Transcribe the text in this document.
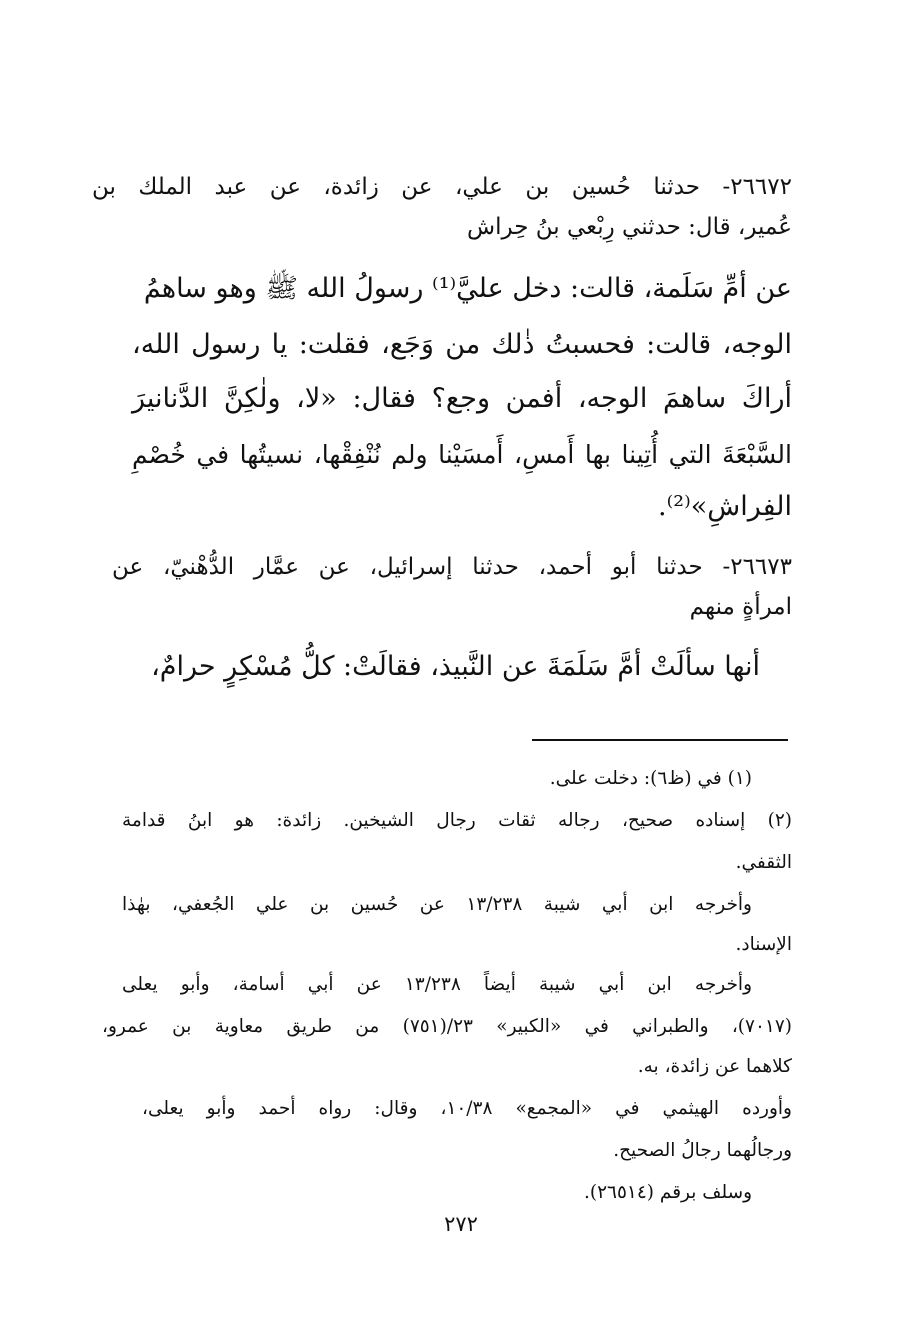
٢٦٦٧٢- حدثنا حُسين بن علي، عن زائدة، عن عبد الملك بن
عُمير، قال: حدثني رِبْعي بنُ حِراش
عن أمِّ سَلَمة، قالت: دخل عليَّ⁽¹⁾ رسولُ الله ﷺ وهو ساهمُ
الوجه، قالت: فحسبتُ ذٰلك من وَجَع، فقلت: يا رسول الله،
أراكَ ساهمَ الوجه، أفمن وجع؟ فقال: «لا، ولٰكِنَّ الدَّنانيرَ
السَّبْعَةَ التي أُتِينا بها أَمسِ، أَمسَيْنا ولم نُنْفِقْها، نسيتُها في خُصْمِ
الفِراشِ»⁽²⁾.
٢٦٦٧٣- حدثنا أبو أحمد، حدثنا إسرائيل، عن عمَّار الدُّهْنيّ، عن
امرأةٍ منهم
أنها سألَتْ أمَّ سَلَمَةَ عن النَّبيذ، فقالَتْ: كلُّ مُسْكِرٍ حرامٌ،
(١) في (ظ٦): دخلت على.
(٢) إسناده صحيح، رجاله ثقات رجال الشيخين. زائدة: هو ابنُ قدامة
الثقفي.
وأخرجه ابن أبي شيبة ١٣/٢٣٨ عن حُسين بن علي الجُعفي، بهٰذا
الإسناد.
وأخرجه ابن أبي شيبة أيضاً ١٣/٢٣٨ عن أبي أسامة، وأبو يعلى
(٧٠١٧)، والطبراني في «الكبير» ٢٣/(٧٥١) من طريق معاوية بن عمرو،
كلاهما عن زائدة، به.
وأورده الهيثمي في «المجمع» ١٠/٣٨، وقال: رواه أحمد وأبو يعلى،
ورجالُهما رجالُ الصحيح.
وسلف برقم (٢٦٥١٤).
٢٧٢
